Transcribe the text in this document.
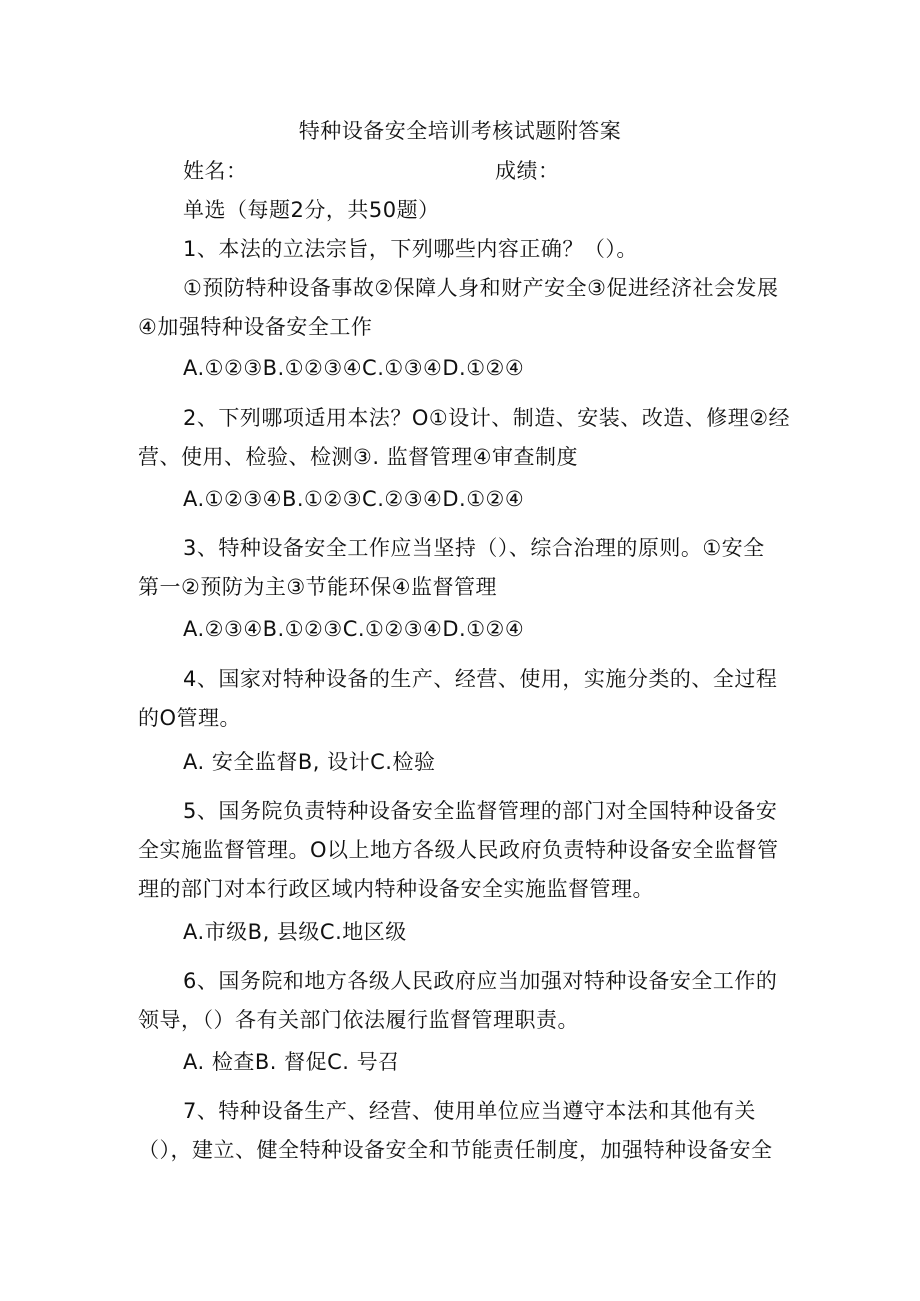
特种设备安全培训考核试题附答案
姓名：	成绩：
单选（每题2分，共50题）
1、本法的立法宗旨，下列哪些内容正确？（）。
①预防特种设备事故②保障人身和财产安全③促进经济社会发展
④加强特种设备安全工作
A.①②③B.①②③④C.①③④D.①②④
2、下列哪项适用本法？O①设计、制造、安装、改造、修理②经
营、使用、检验、检测③. 监督管理④审查制度
A.①②③④B.①②③C.②③④D.①②④
3、特种设备安全工作应当坚持（）、综合治理的原则。①安全
第一②预防为主③节能环保④监督管理
A.②③④B.①②③C.①②③④D.①②④
4、国家对特种设备的生产、经营、使用，实施分类的、全过程
的O管理。
A. 安全监督B, 设计C.检验
5、国务院负责特种设备安全监督管理的部门对全国特种设备安
全实施监督管理。O以上地方各级人民政府负责特种设备安全监督管
理的部门对本行政区域内特种设备安全实施监督管理。
A.市级B, 县级C.地区级
6、国务院和地方各级人民政府应当加强对特种设备安全工作的
领导，（）各有关部门依法履行监督管理职责。
A. 检查B. 督促C. 号召
7、特种设备生产、经营、使用单位应当遵守本法和其他有关
（），建立、健全特种设备安全和节能责任制度，加强特种设备安全
